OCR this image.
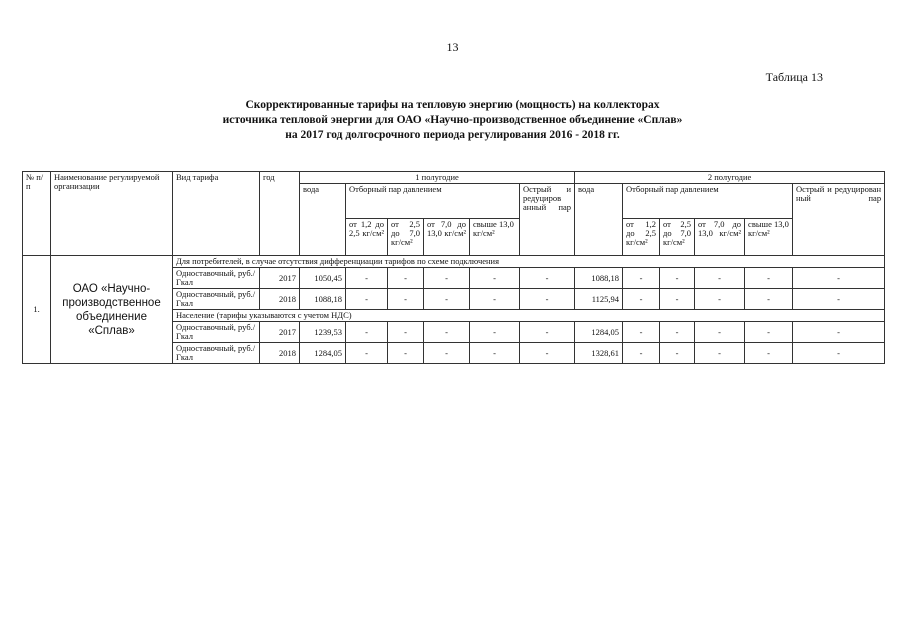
13
Таблица 13
Скорректированные тарифы на тепловую энергию (мощность) на коллекторах
источника тепловой энергии для ОАО «Научно-производственное объединение «Сплав»
на 2017 год долгосрочного периода регулирования 2016 - 2018 гг.
№ п/п	Наименование регулируемой организации	Вид тарифа	год	1 полугодие						2 полугодие					
				вода	Отборный пар давлением				Острый и редуциров анный пар	вода	Отборный пар давлением				Острый и редуцирован ный пар
					от 1,2 до 2,5 кг/см²	от 2,5 до 7,0 кг/см²	от 7,0 до 13,0 кг/см²	свыше 13,0 кг/см²			от 1,2 до 2,5 кг/см²	от 2,5 до 7,0 кг/см²	от 7,0 до 13,0 кг/см²	свыше 13,0 кг/см²	
1.	ОАО «Научно-производственное объединение «Сплав»	Для потребителей, в случае отсутствия дифференциации тарифов по схеме подключения													
		Одноставочный, руб./Гкал	2017	1050,45	-	-	-	-	-	1088,18	-	-	-	-	-
		Одноставочный, руб./Гкал	2018	1088,18	-	-	-	-	-	1125,94	-	-	-	-	-
		Население (тарифы указываются с учетом НДС)													
		Одноставочный, руб./Гкал	2017	1239,53	-	-	-	-	-	1284,05	-	-	-	-	-
		Одноставочный, руб./Гкал	2018	1284,05	-	-	-	-	-	1328,61	-	-	-	-	-
